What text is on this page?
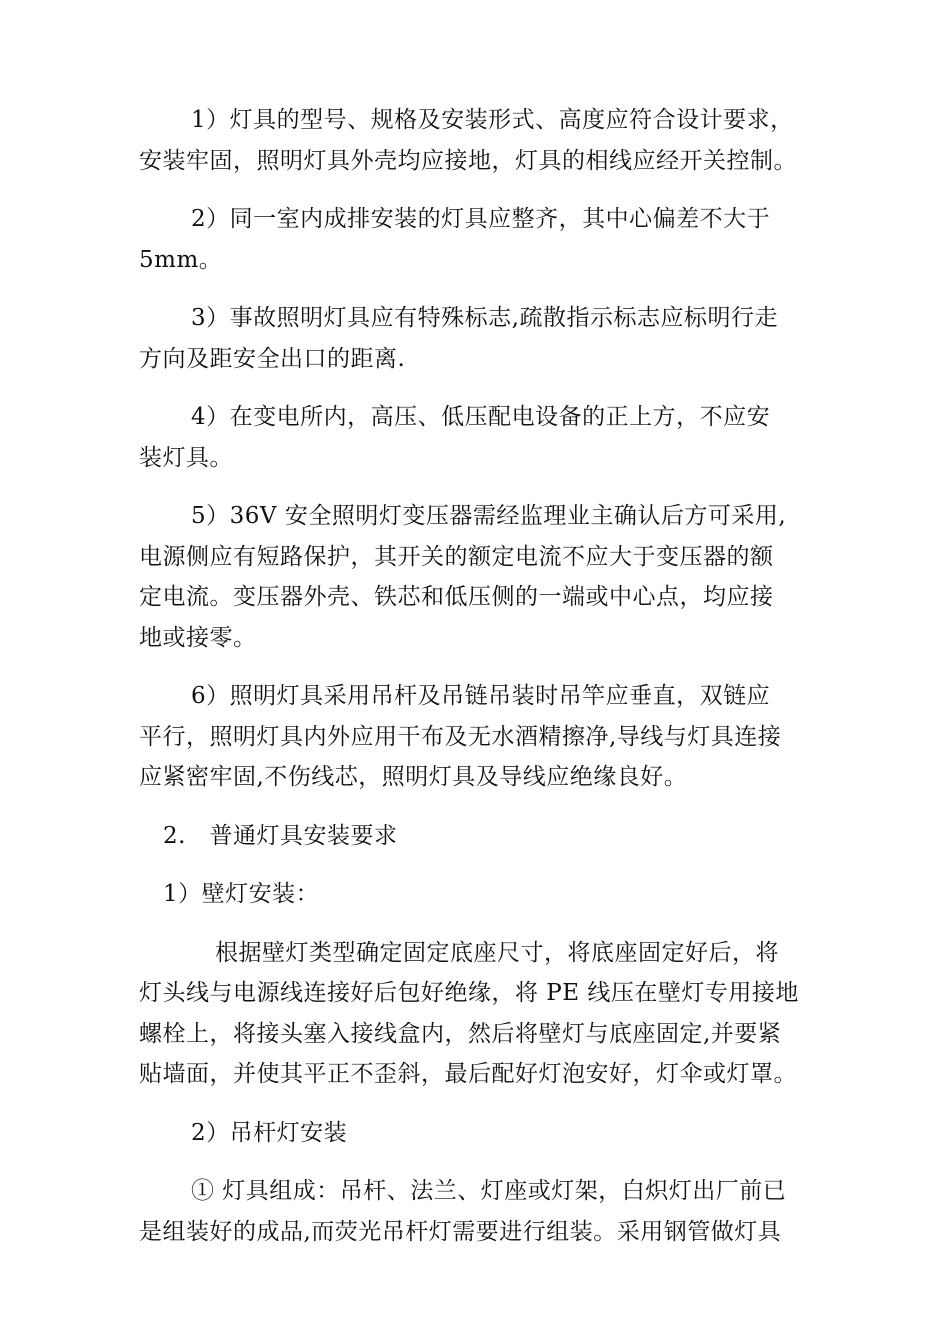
1）灯具的型号、规格及安装形式、高度应符合设计要求，
安装牢固，照明灯具外壳均应接地，灯具的相线应经开关控制。

2）同一室内成排安装的灯具应整齐，其中心偏差不大于
5mm。

3）事故照明灯具应有特殊标志,疏散指示标志应标明行走
方向及距安全出口的距离.

4）在变电所内，高压、低压配电设备的正上方，不应安
装灯具。

5）36V 安全照明灯变压器需经监理业主确认后方可采用,
电源侧应有短路保护，其开关的额定电流不应大于变压器的额
定电流。变压器外壳、铁芯和低压侧的一端或中心点，均应接
地或接零。

6）照明灯具采用吊杆及吊链吊装时吊竿应垂直，双链应
平行，照明灯具内外应用干布及无水酒精擦净,导线与灯具连接
应紧密牢固,不伤线芯，照明灯具及导线应绝缘良好。

2.　普通灯具安装要求

1）壁灯安装：

根据壁灯类型确定固定底座尺寸，将底座固定好后，将
灯头线与电源线连接好后包好绝缘，将 PE 线压在壁灯专用接地
螺栓上，将接头塞入接线盒内，然后将壁灯与底座固定,并要紧
贴墙面，并使其平正不歪斜，最后配好灯泡安好，灯伞或灯罩。

2）吊杆灯安装

① 灯具组成：吊杆、法兰、灯座或灯架，白炽灯出厂前已
是组装好的成品,而荧光吊杆灯需要进行组装。采用钢管做灯具
